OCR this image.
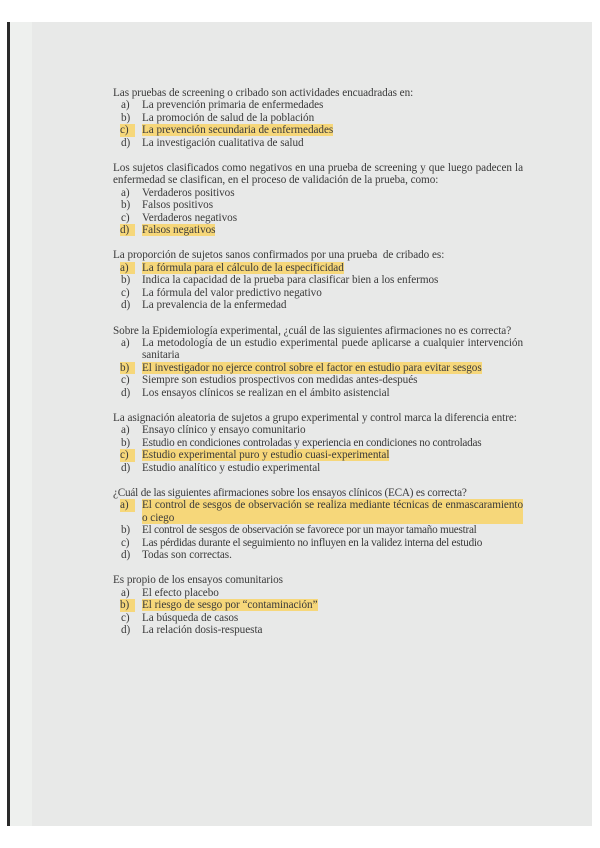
Las pruebas de screening o cribado son actividades encuadradas en:

a) La prevención primaria de enfermedades
b) La promoción de salud de la población
c)	La prevención secundaria de enfermedades
d) La investigación cualitativa de salud

Los sujetos clasificados como negativos en una prueba de screening y que luego padecen la enfermedad se clasifican, en el proceso de validación de la prueba, como:

a) Verdaderos positivos
b) Falsos positivos
c) Verdaderos negativos
d)	Falsos negativos

La proporción de sujetos sanos confirmados por una prueba  de cribado es:

a)	La fórmula para el cálculo de la especificidad
b) Indica la capacidad de la prueba para clasificar bien a los enfermos
c) La fórmula del valor predictivo negativo
d) La prevalencia de la enfermedad

Sobre la Epidemiología experimental, ¿cuál de las siguientes afirmaciones no es correcta?

a) La metodología de un estudio experimental puede aplicarse a cualquier intervención sanitaria
b)	El investigador no ejerce control sobre el factor en estudio para evitar sesgos
c) Siempre son estudios prospectivos con medidas antes-después
d) Los ensayos clínicos se realizan en el ámbito asistencial

La asignación aleatoria de sujetos a grupo experimental y control marca la diferencia entre:

a) Ensayo clínico y ensayo comunitario
b) Estudio en condiciones controladas y experiencia en condiciones no controladas
c)	Estudio experimental puro y estudio cuasi-experimental
d) Estudio analítico y estudio experimental

¿Cuál de las siguientes afirmaciones sobre los ensayos clínicos (ECA) es correcta?

a)	El control de sesgos de observación se realiza mediante técnicas de enmascaramiento o ciego
b) El control de sesgos de observación se favorece por un mayor tamaño muestral
c) Las pérdidas durante el seguimiento no influyen en la validez interna del estudio
d) Todas son correctas.

Es propio de los ensayos comunitarios

a) El efecto placebo
b)	El riesgo de sesgo por “contaminación”
c) La búsqueda de casos
d) La relación dosis-respuesta
